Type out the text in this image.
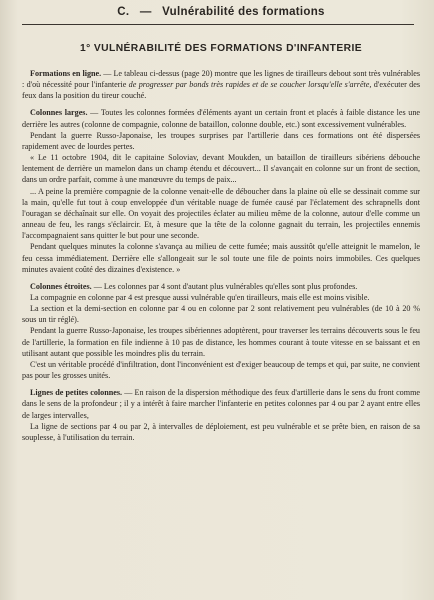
C. — Vulnérabilité des formations
1° VULNÉRABILITÉ DES FORMATIONS D'INFANTERIE

Formations en ligne. — Le tableau ci-dessus (page 20) montre que les lignes de tirailleurs debout sont très vulnérables : d'où nécessité pour l'infanterie de progresser par bonds très rapides et de se coucher lorsqu'elle s'arrête, d'exécuter des feux dans la position du tireur couché.

Colonnes larges. — Toutes les colonnes formées d'éléments ayant un certain front et placés à faible distance les une derrière les autres (colonne de compagnie, colonne de bataillon, colonne double, etc.) sont excessivement vulnérables.

Pendant la guerre Russo-Japonaise, les troupes surprises par l'artillerie dans ces formations ont été dispersées rapidement avec de lourdes pertes.

« Le 11 octobre 1904, dit le capitaine Soloviav, devant Moukden, un bataillon de tirailleurs sibériens débouche lentement de derrière un mamelon dans un champ étendu et découvert... Il s'avançait en colonne sur un front de section, dans un ordre parfait, comme à une manœuvre du temps de paix...

... A peine la première compagnie de la colonne venait-elle de déboucher dans la plaine où elle se dessinait comme sur la main, qu'elle fut tout à coup enveloppée d'un véritable nuage de fumée causé par l'éclatement des schrapnells dont l'ouragan se déchaînait sur elle. On voyait des projectiles éclater au milieu même de la colonne, autour d'elle comme un anneau de feu, les rangs s'éclaircir. Et, à mesure que la tête de la colonne gagnait du terrain, les projectiles ennemis l'accompagnaient sans quitter le but pour une seconde.

Pendant quelques minutes la colonne s'avança au milieu de cette fumée; mais aussitôt qu'elle atteignit le mamelon, le feu cessa immédiatement. Derrière elle s'allongeait sur le sol toute une file de points noirs immobiles. Ces quelques minutes avaient coûté des dizaines d'existence. »

Colonnes étroites. — Les colonnes par 4 sont d'autant plus vulnérables qu'elles sont plus profondes.

La compagnie en colonne par 4 est presque aussi vulnérable qu'en tirailleurs, mais elle est moins visible.

La section et la demi-section en colonne par 4 ou en colonne par 2 sont relativement peu vulnérables (de 10 à 20 % sous un tir réglé).

Pendant la guerre Russo-Japonaise, les troupes sibériennes adoptèrent, pour traverser les terrains découverts sous le feu de l'artillerie, la formation en file indienne à 10 pas de distance, les hommes courant à toute vitesse en se baissant et en utilisant autant que possible les moindres plis du terrain.

C'est un véritable procédé d'infiltration, dont l'inconvénient est d'exiger beaucoup de temps et qui, par suite, ne convient pas pour les grosses unités.

Lignes de petites colonnes. — En raison de la dispersion méthodique des feux d'artillerie dans le sens du front comme dans le sens de la profondeur ; il y a intérêt à faire marcher l'infanterie en petites colonnes par 4 ou par 2 ayant entre elles de larges intervalles,

La ligne de sections par 4 ou par 2, à intervalles de déploiement, est peu vulnérable et se prête bien, en raison de sa souplesse, à l'utilisation du terrain.
